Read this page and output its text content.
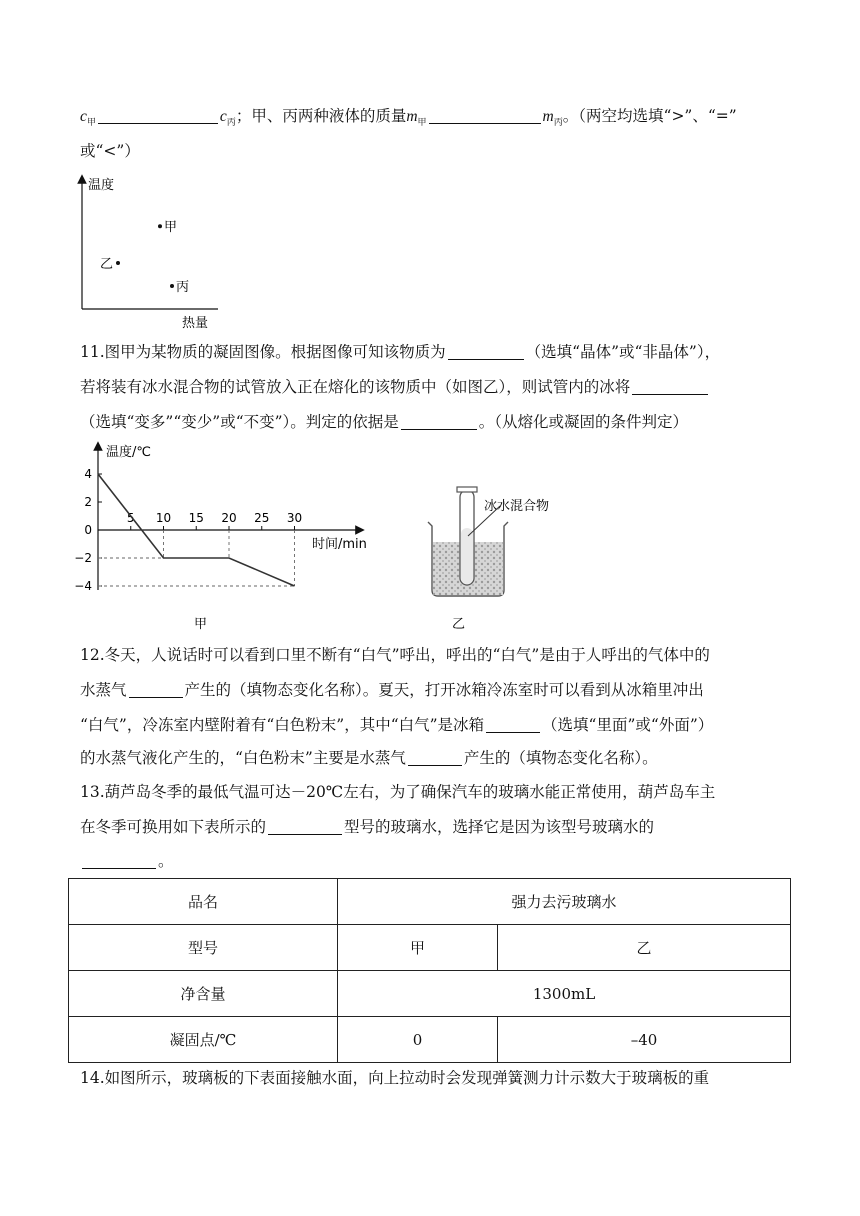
$c_甲$	$c_丙$；甲、丙两种液体的质量$m_甲$	$m_丙$。（两空均选填“>”、“=”
或“<”）
温度
热量
甲
乙
丙
11.图甲为某物质的凝固图像。根据图像可知该物质为	（选填“晶体”或“非晶体”），
若将装有冰水混合物的试管放入正在熔化的该物质中（如图乙），则试管内的冰将
（选填“变多”“变少”或“不变”）。判定的依据是	。（从熔化或凝固的条件判定）
5 10 15 20 25 30
4
2
0
−2
−4
温度/℃
时间/min
甲
冰水混合物
乙
12.冬天，人说话时可以看到口里不断有“白气”呼出，呼出的“白气”是由于人呼出的气体中的
水蒸气	产生的（填物态变化名称）。夏天，打开冰箱冷冻室时可以看到从冰箱里冲出
“白气”，冷冻室内壁附着有“白色粉末”，其中“白气”是冰箱	（选填“里面”或“外面”）
的水蒸气液化产生的，“白色粉末”主要是水蒸气	产生的（填物态变化名称）。
13.葫芦岛冬季的最低气温可达－20℃左右，为了确保汽车的玻璃水能正常使用，葫芦岛车主
在冬季可换用如下表所示的	型号的玻璃水，选择它是因为该型号玻璃水的
。
品名	强力去污玻璃水	
型号	甲	乙
净含量	1300mL	
凝固点/℃	0	–40
14.如图所示，玻璃板的下表面接触水面，向上拉动时会发现弹簧测力计示数大于玻璃板的重
